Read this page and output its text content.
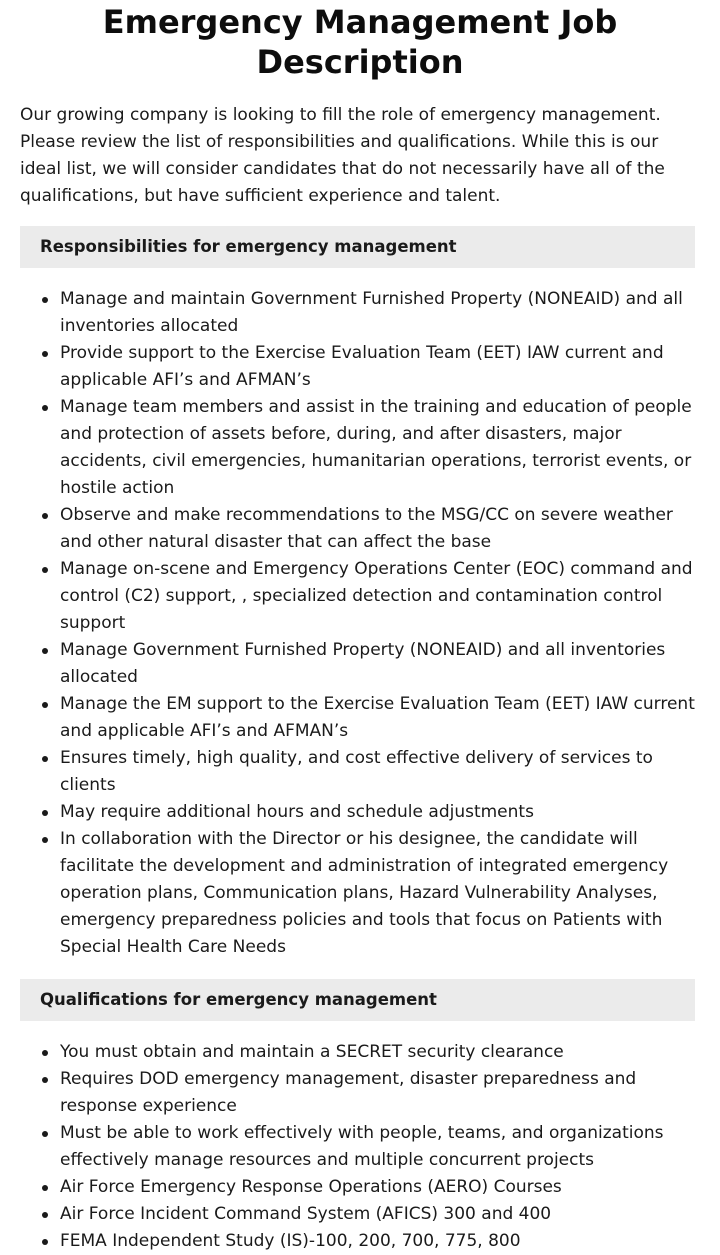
Emergency Management Job Description

Our growing company is looking to fill the role of emergency management. Please review the list of responsibilities and qualifications. While this is our ideal list, we will consider candidates that do not necessarily have all of the qualifications, but have sufficient experience and talent.

Responsibilities for emergency management
Manage and maintain Government Furnished Property (NONEAID) and all inventories allocated
Provide support to the Exercise Evaluation Team (EET) IAW current and applicable AFI’s and AFMAN’s
Manage team members and assist in the training and education of people and protection of assets before, during, and after disasters, major accidents, civil emergencies, humanitarian operations, terrorist events, or hostile action
Observe and make recommendations to the MSG/CC on severe weather and other natural disaster that can affect the base
Manage on-scene and Emergency Operations Center (EOC) command and control (C2) support, , specialized detection and contamination control support
Manage Government Furnished Property (NONEAID) and all inventories allocated
Manage the EM support to the Exercise Evaluation Team (EET) IAW current and applicable AFI’s and AFMAN’s
Ensures timely, high quality, and cost effective delivery of services to clients
May require additional hours and schedule adjustments
In collaboration with the Director or his designee, the candidate will facilitate the development and administration of integrated emergency operation plans, Communication plans, Hazard Vulnerability Analyses, emergency preparedness policies and tools that focus on Patients with Special Health Care Needs
Qualifications for emergency management
You must obtain and maintain a SECRET security clearance
Requires DOD emergency management, disaster preparedness and response experience
Must be able to work effectively with people, teams, and organizations effectively manage resources and multiple concurrent projects
Air Force Emergency Response Operations (AERO) Courses
Air Force Incident Command System (AFICS) 300 and 400
FEMA Independent Study (IS)-100, 200, 700, 775, 800
